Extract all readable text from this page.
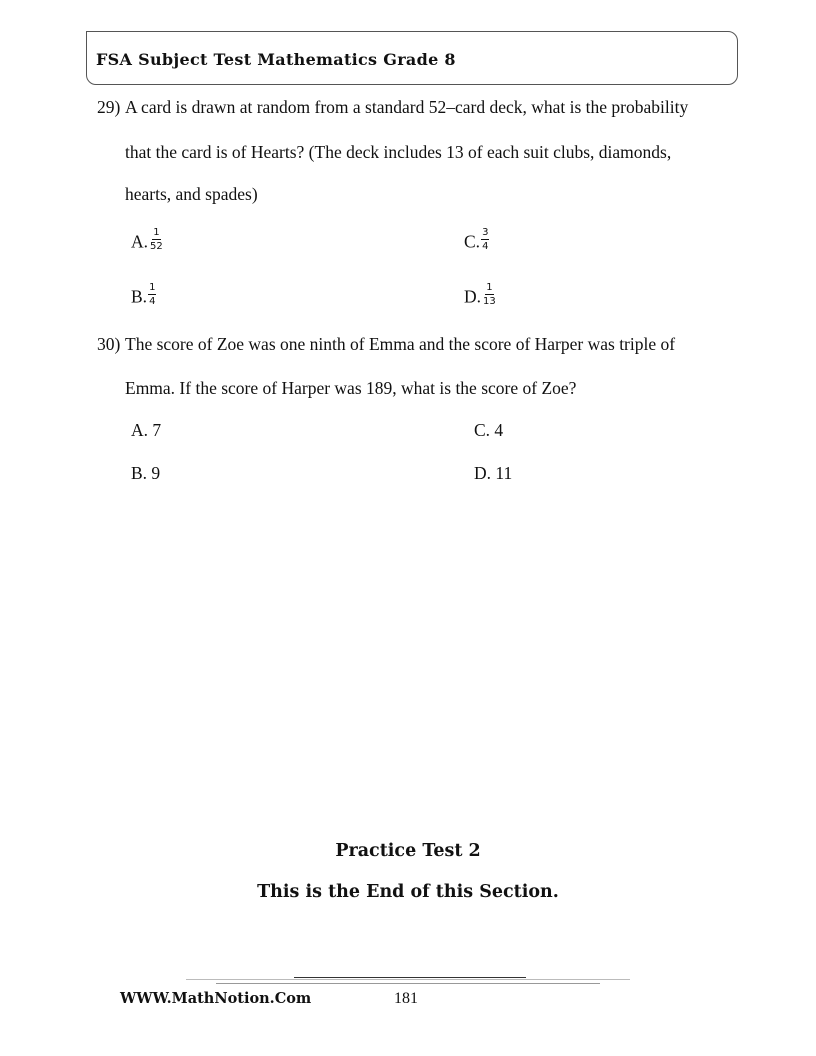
FSA Subject Test Mathematics Grade 8
29) A card is drawn at random from a standard 52–card deck, what is the probability
that the card is of Hearts? (The deck includes 13 of each suit clubs, diamonds,
hearts, and spades)
A. $\frac{1}{52}$	C. $\frac{3}{4}$
B. $\frac{1}{4}$	D. $\frac{1}{13}$
30) The score of Zoe was one ninth of Emma and the score of Harper was triple of
Emma. If the score of Harper was 189, what is the score of Zoe?
A. 7	C. 4
B. 9	D. 11
Practice Test 2
This is the End of this Section.
WWW.MathNotion.Com	181
